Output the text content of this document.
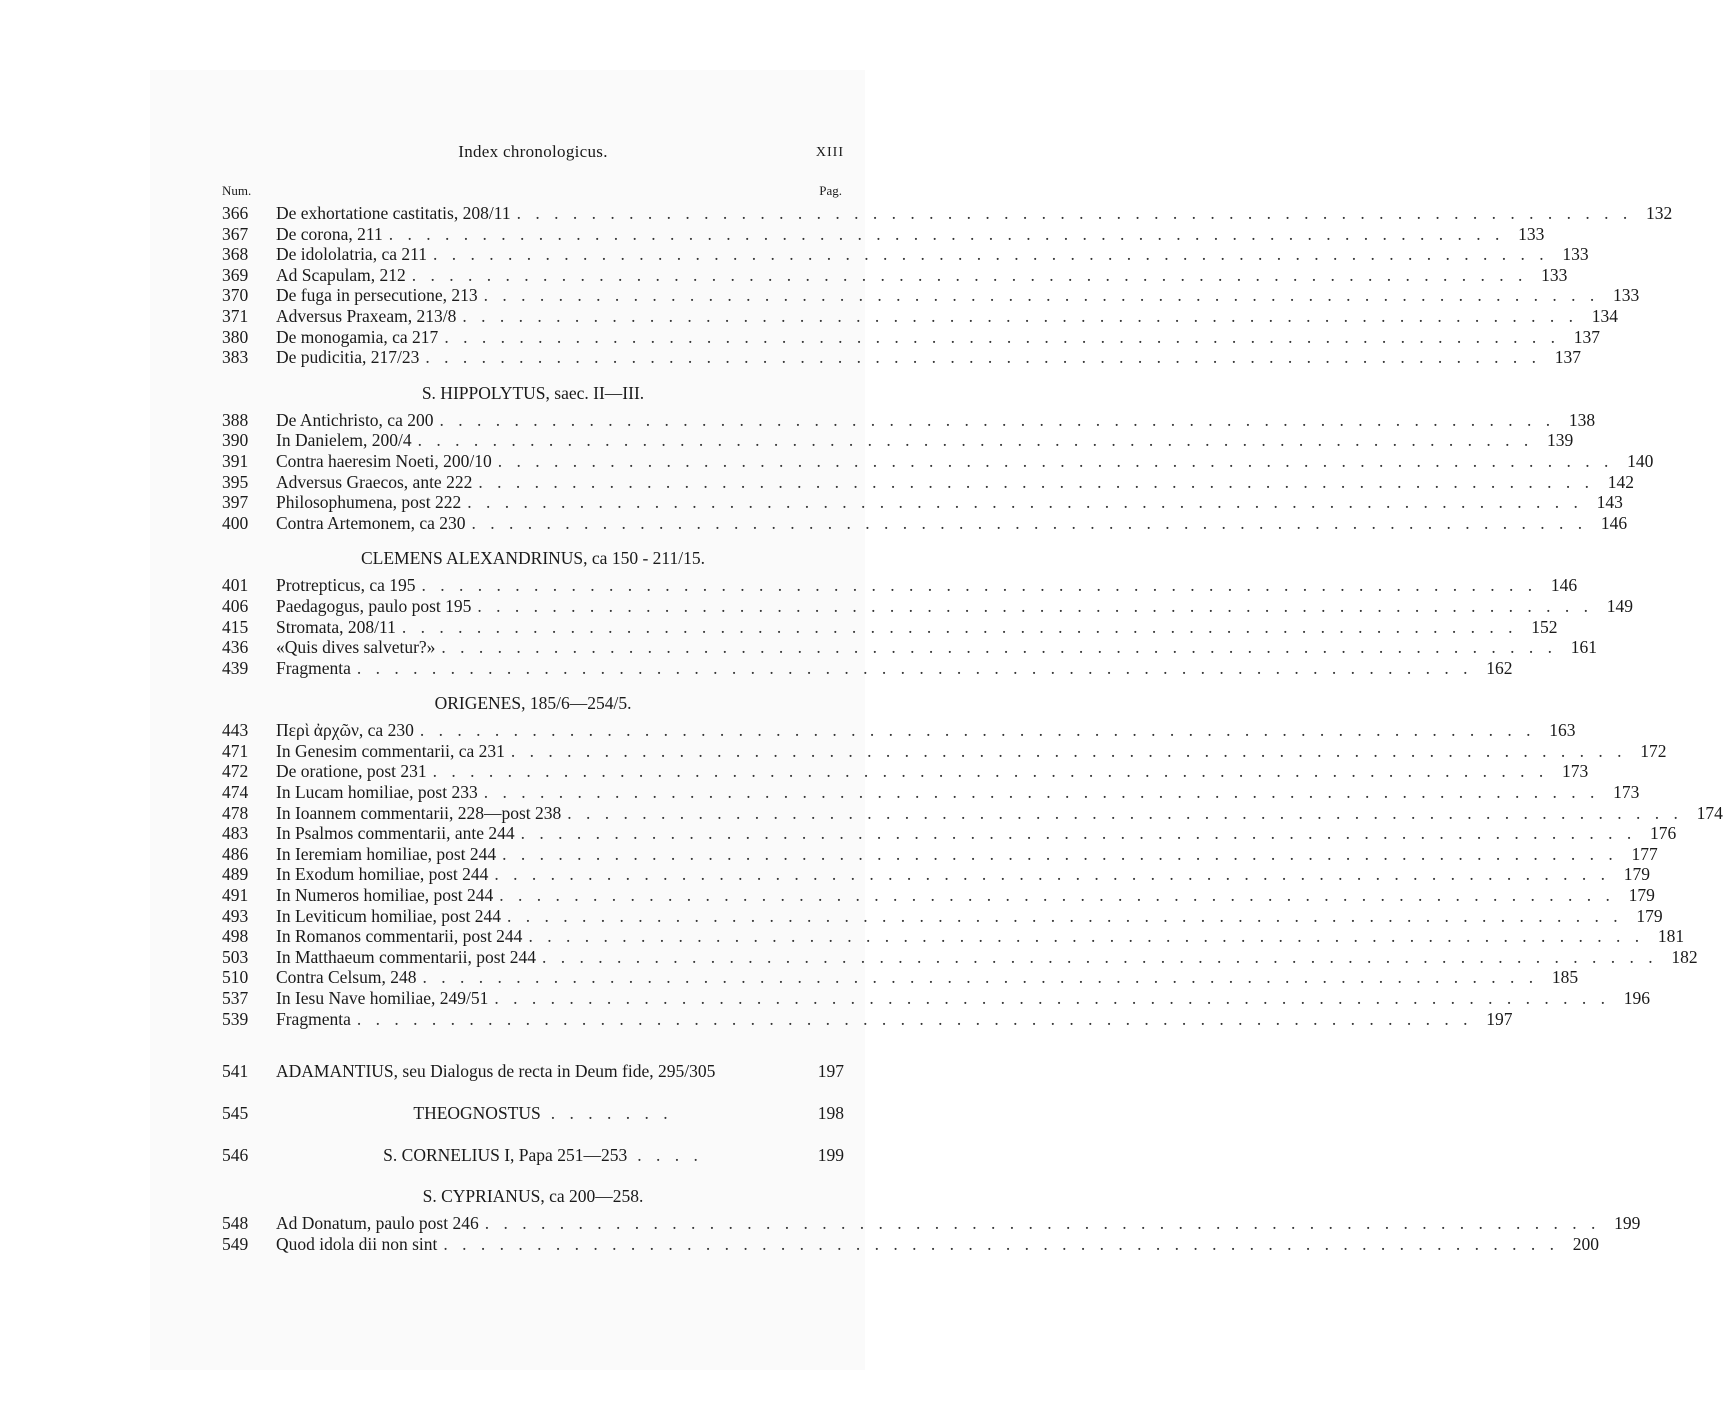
Index chronologicus.	XIII
Num.	Pag.
366	De exhortatione castitatis, 208/11 . . . . . . . . . . . . . . . . . . . . . . . . . . . . . . . . . . . . . . . . . . . . . . . . . . . . . . . . . . . . 132
367	De corona, 211 . . . . . . . . . . . . . . . . . . . . . . . . . . . . . . . . . . . . . . . . . . . . . . . . . . . . . . . . . . . . 133
368	De idololatria, ca 211 . . . . . . . . . . . . . . . . . . . . . . . . . . . . . . . . . . . . . . . . . . . . . . . . . . . . . . . . . . . . 133
369	Ad Scapulam, 212 . . . . . . . . . . . . . . . . . . . . . . . . . . . . . . . . . . . . . . . . . . . . . . . . . . . . . . . . . . . . 133
370	De fuga in persecutione, 213 . . . . . . . . . . . . . . . . . . . . . . . . . . . . . . . . . . . . . . . . . . . . . . . . . . . . . . . . . . . . 133
371	Adversus Praxeam, 213/8 . . . . . . . . . . . . . . . . . . . . . . . . . . . . . . . . . . . . . . . . . . . . . . . . . . . . . . . . . . . . 134
380	De monogamia, ca 217 . . . . . . . . . . . . . . . . . . . . . . . . . . . . . . . . . . . . . . . . . . . . . . . . . . . . . . . . . . . . 137
383	De pudicitia, 217/23 . . . . . . . . . . . . . . . . . . . . . . . . . . . . . . . . . . . . . . . . . . . . . . . . . . . . . . . . . . . . 137
S. HIPPOLYTUS, saec. II—III.
388	De Antichristo, ca 200 . . . . . . . . . . . . . . . . . . . . . . . . . . . . . . . . . . . . . . . . . . . . . . . . . . . . . . . . . . . . 138
390	In Danielem, 200/4 . . . . . . . . . . . . . . . . . . . . . . . . . . . . . . . . . . . . . . . . . . . . . . . . . . . . . . . . . . . . 139
391	Contra haeresim Noeti, 200/10 . . . . . . . . . . . . . . . . . . . . . . . . . . . . . . . . . . . . . . . . . . . . . . . . . . . . . . . . . . . . 140
395	Adversus Graecos, ante 222 . . . . . . . . . . . . . . . . . . . . . . . . . . . . . . . . . . . . . . . . . . . . . . . . . . . . . . . . . . . . 142
397	Philosophumena, post 222 . . . . . . . . . . . . . . . . . . . . . . . . . . . . . . . . . . . . . . . . . . . . . . . . . . . . . . . . . . . . 143
400	Contra Artemonem, ca 230 . . . . . . . . . . . . . . . . . . . . . . . . . . . . . . . . . . . . . . . . . . . . . . . . . . . . . . . . . . . . 146
CLEMENS ALEXANDRINUS, ca 150 - 211/15.
401	Protrepticus, ca 195 . . . . . . . . . . . . . . . . . . . . . . . . . . . . . . . . . . . . . . . . . . . . . . . . . . . . . . . . . . . . 146
406	Paedagogus, paulo post 195 . . . . . . . . . . . . . . . . . . . . . . . . . . . . . . . . . . . . . . . . . . . . . . . . . . . . . . . . . . . . 149
415	Stromata, 208/11 . . . . . . . . . . . . . . . . . . . . . . . . . . . . . . . . . . . . . . . . . . . . . . . . . . . . . . . . . . . . 152
436	«Quis dives salvetur?» . . . . . . . . . . . . . . . . . . . . . . . . . . . . . . . . . . . . . . . . . . . . . . . . . . . . . . . . . . . . 161
439	Fragmenta . . . . . . . . . . . . . . . . . . . . . . . . . . . . . . . . . . . . . . . . . . . . . . . . . . . . . . . . . . . . 162
ORIGENES, 185/6—254/5.
443	Περὶ ἀρχῶν, ca 230 . . . . . . . . . . . . . . . . . . . . . . . . . . . . . . . . . . . . . . . . . . . . . . . . . . . . . . . . . . . . 163
471	In Genesim commentarii, ca 231 . . . . . . . . . . . . . . . . . . . . . . . . . . . . . . . . . . . . . . . . . . . . . . . . . . . . . . . . . . . . 172
472	De oratione, post 231 . . . . . . . . . . . . . . . . . . . . . . . . . . . . . . . . . . . . . . . . . . . . . . . . . . . . . . . . . . . . 173
474	In Lucam homiliae, post 233 . . . . . . . . . . . . . . . . . . . . . . . . . . . . . . . . . . . . . . . . . . . . . . . . . . . . . . . . . . . . 173
478	In Ioannem commentarii, 228—post 238 . . . . . . . . . . . . . . . . . . . . . . . . . . . . . . . . . . . . . . . . . . . . . . . . . . . . . . . . . . . . 174
483	In Psalmos commentarii, ante 244 . . . . . . . . . . . . . . . . . . . . . . . . . . . . . . . . . . . . . . . . . . . . . . . . . . . . . . . . . . . . 176
486	In Ieremiam homiliae, post 244 . . . . . . . . . . . . . . . . . . . . . . . . . . . . . . . . . . . . . . . . . . . . . . . . . . . . . . . . . . . . 177
489	In Exodum homiliae, post 244 . . . . . . . . . . . . . . . . . . . . . . . . . . . . . . . . . . . . . . . . . . . . . . . . . . . . . . . . . . . . 179
491	In Numeros homiliae, post 244 . . . . . . . . . . . . . . . . . . . . . . . . . . . . . . . . . . . . . . . . . . . . . . . . . . . . . . . . . . . . 179
493	In Leviticum homiliae, post 244 . . . . . . . . . . . . . . . . . . . . . . . . . . . . . . . . . . . . . . . . . . . . . . . . . . . . . . . . . . . . 179
498	In Romanos commentarii, post 244 . . . . . . . . . . . . . . . . . . . . . . . . . . . . . . . . . . . . . . . . . . . . . . . . . . . . . . . . . . . . 181
503	In Matthaeum commentarii, post 244 . . . . . . . . . . . . . . . . . . . . . . . . . . . . . . . . . . . . . . . . . . . . . . . . . . . . . . . . . . . . 182
510	Contra Celsum, 248 . . . . . . . . . . . . . . . . . . . . . . . . . . . . . . . . . . . . . . . . . . . . . . . . . . . . . . . . . . . . 185
537	In Iesu Nave homiliae, 249/51 . . . . . . . . . . . . . . . . . . . . . . . . . . . . . . . . . . . . . . . . . . . . . . . . . . . . . . . . . . . . 196
539	Fragmenta . . . . . . . . . . . . . . . . . . . . . . . . . . . . . . . . . . . . . . . . . . . . . . . . . . . . . . . . . . . . 197
541	ADAMANTIUS, seu Dialogus de recta in Deum fide, 295/305	197
545	THEOGNOSTUS . . . . . . .	198
546	S. CORNELIUS I, Papa 251—253 . . . .	199
S. CYPRIANUS, ca 200—258.
548	Ad Donatum, paulo post 246 . . . . . . . . . . . . . . . . . . . . . . . . . . . . . . . . . . . . . . . . . . . . . . . . . . . . . . . . . . . . 199
549	Quod idola dii non sint . . . . . . . . . . . . . . . . . . . . . . . . . . . . . . . . . . . . . . . . . . . . . . . . . . . . . . . . . . . . 200
